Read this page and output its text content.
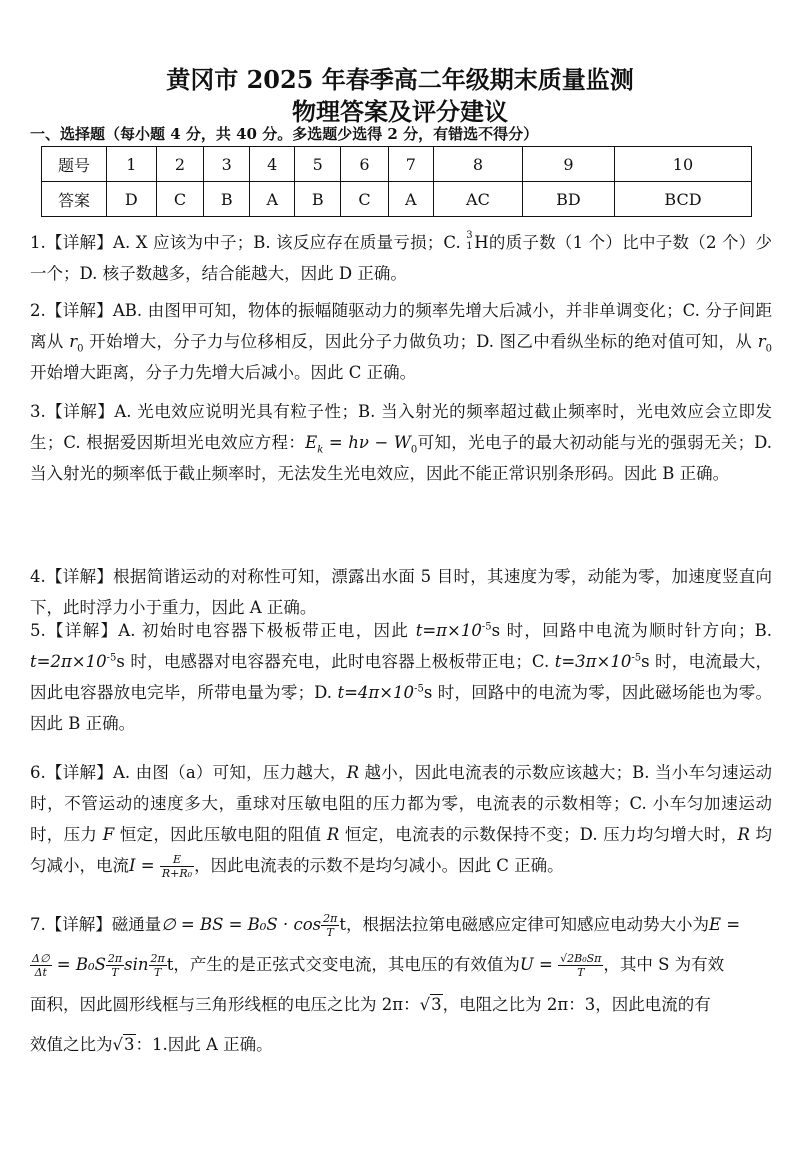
黄冈市 2025 年春季高二年级期末质量监测
物理答案及评分建议
一、选择题（每小题 4 分，共 40 分。多选题少选得 2 分，有错选不得分）
题号	1	2	3	4	5	6	7	8	9	10
答案	D	C	B	A	B	C	A	AC	BD	BCD
1.【详解】A. X 应该为中子；B. 该反应存在质量亏损；C. 3
1 H的质子数（1 个）比中子数（2 个）少一个；D. 核子数越多，结合能越大，因此 D 正确。
2.【详解】AB. 由图甲可知，物体的振幅随驱动力的频率先增大后减小，并非单调变化；C. 分子间距离从 $r_0$ 开始增大，分子力与位移相反，因此分子力做负功；D. 图乙中看纵坐标的绝对值可知，从 $r_0$ 开始增大距离，分子力先增大后减小。因此 C 正确。
3.【详解】A. 光电效应说明光具有粒子性；B. 当入射光的频率超过截止频率时，光电效应会立即发生；C. 根据爱因斯坦光电效应方程：$E_k = h\nu - W_0$可知，光电子的最大初动能与光的强弱无关；D. 当入射光的频率低于截止频率时，无法发生光电效应，因此不能正常识别条形码。因此 B 正确。
4.【详解】根据简谐运动的对称性可知，漂露出水面 5 目时，其速度为零，动能为零，加速度竖直向下，此时浮力小于重力，因此 A 正确。
5.【详解】A. 初始时电容器下极板带正电，因此 $t=\pi\times 10^{-5}s$ 时，回路中电流为顺时针方向；B. $t=2\pi\times 10^{-5}s$ 时，电感器对电容器充电，此时电容器上极板带正电；C. $t=3\pi\times 10^{-5}s$ 时，电流最大，因此电容器放电完毕，所带电量为零；D. $t=4\pi\times 10^{-5}s$ 时，回路中的电流为零，因此磁场能也为零。因此 B 正确。
6.【详解】A. 由图（a）可知，压力越大，R 越小，因此电流表的示数应该越大；B. 当小车匀速运动时，不管运动的速度多大，重球对压敏电阻的压力都为零，电流表的示数相等；C. 小车匀加速运动时，压力 F 恒定，因此压敏电阻的阻值 R 恒定，电流表的示数保持不变；D. 压力均匀增大时，R 均匀减小，电流$I = \frac{E}{\text{R+R₀}}$ ，因此电流表的示数不是均匀减小。因此 C 正确。
7.【详解】磁通量∅ = BS = $B_0S \cdot \cos \frac{2\pi}{T}$ t，根据法拉第电磁感应定律可知感应电动势大小为E =
$\frac{\Delta\emptyset}{\Delta t} = B_0S \frac{2\pi}{T}$ $\sin \frac{2\pi}{T}$ t，产生的是正弦式交变电流，其电压的有效值为$U = \frac{\text{√2B₀Sπ}}{T}$ ，其中 S 为有效
面积，因此圆形线框与三角形线框的电压之比为 2π：√3，电阻之比为 2π：3，因此电流的有
效值之比为√3：1.因此 A 正确。
